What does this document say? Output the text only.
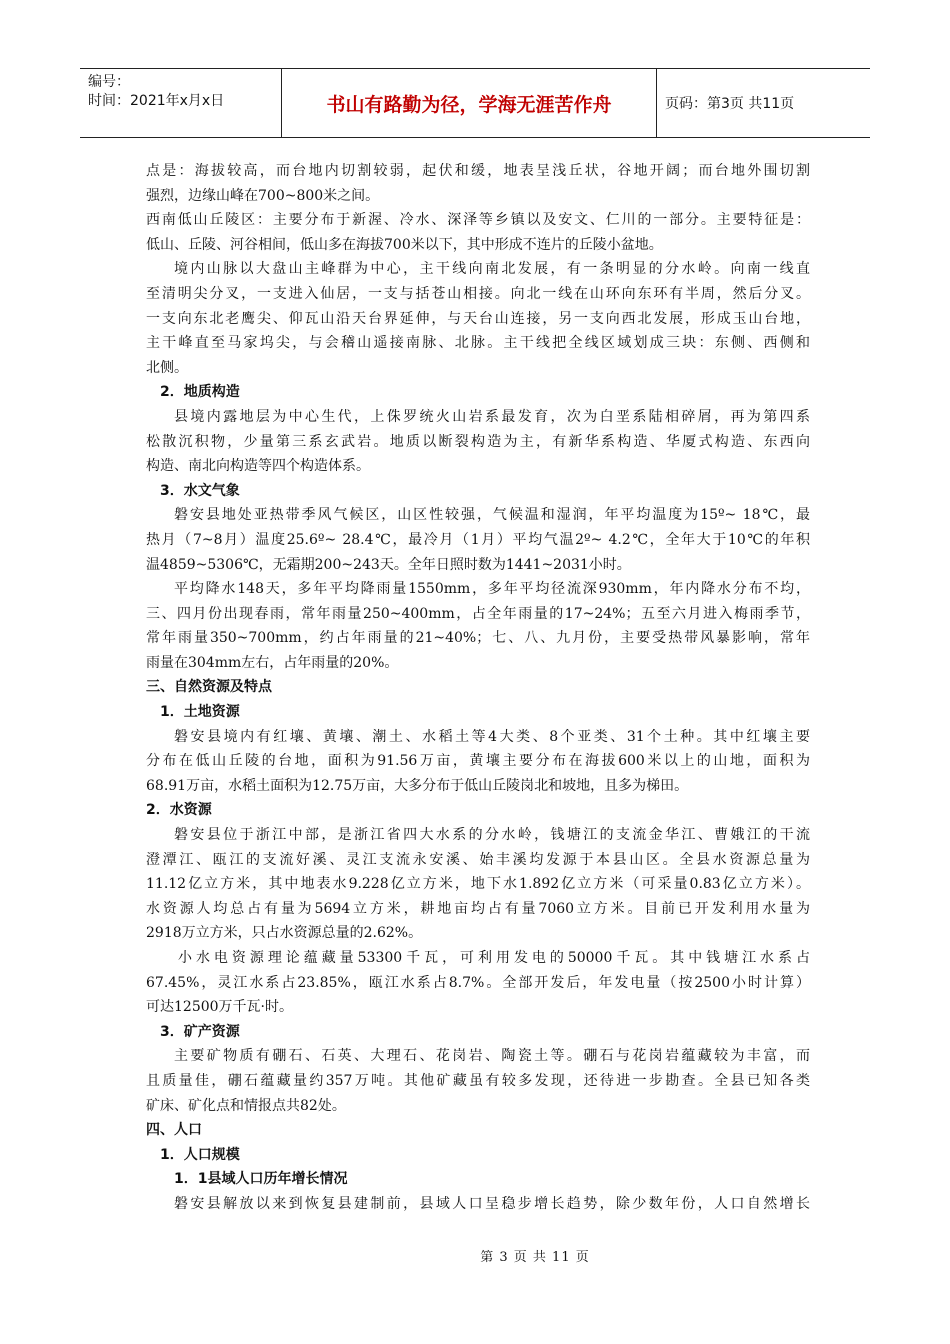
编号：
时间：2021年x月x日	书山有路勤为径，学海无涯苦作舟	页码：第3页 共11页
点是：海拔较高，而台地内切割较弱，起伏和缓，地表呈浅丘状，谷地开阔；而台地外围切割
强烈，边缘山峰在700~800米之间。
西南低山丘陵区：主要分布于新渥、冷水、深泽等乡镇以及安文、仁川的一部分。主要特征是：
低山、丘陵、河谷相间，低山多在海拔700米以下，其中形成不连片的丘陵小盆地。
境内山脉以大盘山主峰群为中心，主干线向南北发展，有一条明显的分水岭。向南一线直
至清明尖分叉，一支进入仙居，一支与括苍山相接。向北一线在山环向东环有半周，然后分叉。
一支向东北老鹰尖、仰瓦山沿天台界延伸，与天台山连接，另一支向西北发展，形成玉山台地，
主干峰直至马家坞尖，与会稽山遥接南脉、北脉。主干线把全线区域划成三块：东侧、西侧和
北侧。
2．地质构造
县境内露地层为中心生代，上侏罗统火山岩系最发育，次为白垩系陆相碎屑，再为第四系
松散沉积物，少量第三系玄武岩。地质以断裂构造为主，有新华系构造、华厦式构造、东西向
构造、南北向构造等四个构造体系。
3．水文气象
磐安县地处亚热带季风气候区，山区性较强，气候温和湿润，年平均温度为15º~ 18℃，最
热月（7~8月）温度25.6º~ 28.4℃，最冷月（1月）平均气温2º~ 4.2℃，全年大于10℃的年积
温4859~5306℃，无霜期200~243天。全年日照时数为1441~2031小时。
平均降水148天，多年平均降雨量1550mm，多年平均径流深930mm，年内降水分布不均，
三、四月份出现春雨，常年雨量250~400mm，占全年雨量的17~24%；五至六月进入梅雨季节，
常年雨量350~700mm，约占年雨量的21~40%；七、八、九月份，主要受热带风暴影响，常年
雨量在304mm左右，占年雨量的20%。
三、自然资源及特点
1．土地资源
磐安县境内有红壤、黄壤、潮土、水稻土等4大类、8个亚类、31个土种。其中红壤主要
分布在低山丘陵的台地，面积为91.56万亩，黄壤主要分布在海拔600米以上的山地，面积为
68.91万亩，水稻土面积为12.75万亩，大多分布于低山丘陵岗北和坡地，且多为梯田。
2．水资源
磐安县位于浙江中部，是浙江省四大水系的分水岭，钱塘江的支流金华江、曹娥江的干流
澄潭江、瓯江的支流好溪、灵江支流永安溪、始丰溪均发源于本县山区。全县水资源总量为
11.12亿立方米，其中地表水9.228亿立方米，地下水1.892亿立方米（可采量0.83亿立方米）。
水资源人均总占有量为5694立方米，耕地亩均占有量7060立方米。目前已开发利用水量为
2918万立方米，只占水资源总量的2.62%。
小水电资源理论蕴藏量53300千瓦，可利用发电的50000千瓦。其中钱塘江水系占
67.45%，灵江水系占23.85%，瓯江水系占8.7%。全部开发后，年发电量（按2500小时计算）
可达12500万千瓦·时。
3．矿产资源
主要矿物质有硼石、石英、大理石、花岗岩、陶瓷土等。硼石与花岗岩蕴藏较为丰富，而
且质量佳，硼石蕴藏量约357万吨。其他矿藏虽有较多发现，还待进一步勘查。全县已知各类
矿床、矿化点和情报点共82处。
四、人口
1．人口规模
1．1县域人口历年增长情况
磐安县解放以来到恢复县建制前，县域人口呈稳步增长趋势，除少数年份，人口自然增长
第 3 页 共 11 页
